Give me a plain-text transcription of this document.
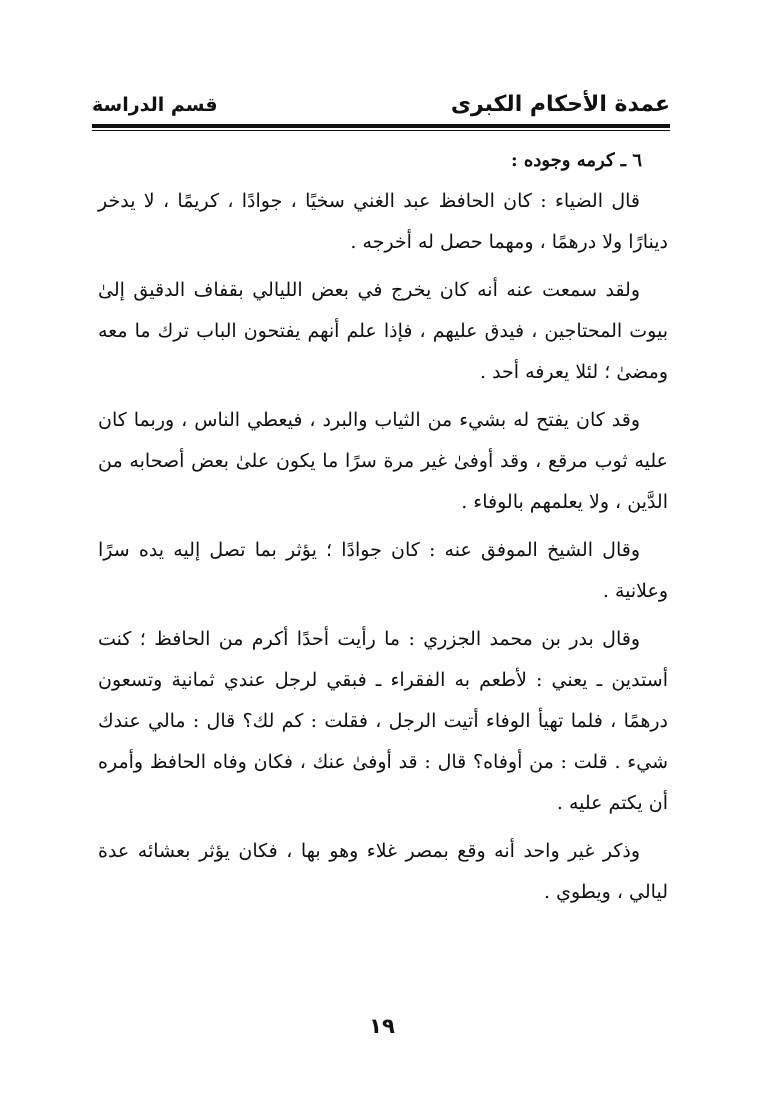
عمدة الأحكام الكبرى
قسم الدراسة
٦ ـ كرمه وجوده :

قال الضياء : كان الحافظ عبد الغني سخيًا ، جوادًا ، كريمًا ، لا يدخر دينارًا ولا درهمًا ، ومهما حصل له أخرجه .

ولقد سمعت عنه أنه كان يخرج في بعض الليالي بقفاف الدقيق إلىٰ بيوت المحتاجين ، فيدق عليهم ، فإذا علم أنهم يفتحون الباب ترك ما معه ومضىٰ ؛ لئلا يعرفه أحد .

وقد كان يفتح له بشيء من الثياب والبرد ، فيعطي الناس ، وربما كان عليه ثوب مرقع ، وقد أوفىٰ غير مرة سرًا ما يكون علىٰ بعض أصحابه من الدَّين ، ولا يعلمهم بالوفاء .

وقال الشيخ الموفق عنه : كان جوادًا ؛ يؤثر بما تصل إليه يده سرًا وعلانية .

وقال بدر بن محمد الجزري : ما رأيت أحدًا أكرم من الحافظ ؛ كنت أستدين ـ يعني : لأطعم به الفقراء ـ فبقي لرجل عندي ثمانية وتسعون درهمًا ، فلما تهيأ الوفاء أتيت الرجل ، فقلت : كم لك؟ قال : مالي عندك شيء . قلت : من أوفاه؟ قال : قد أوفىٰ عنك ، فكان وفاه الحافظ وأمره أن يكتم عليه .

وذكر غير واحد أنه وقع بمصر غلاء وهو بها ، فكان يؤثر بعشائه عدة ليالي ، ويطوي .

١٩
